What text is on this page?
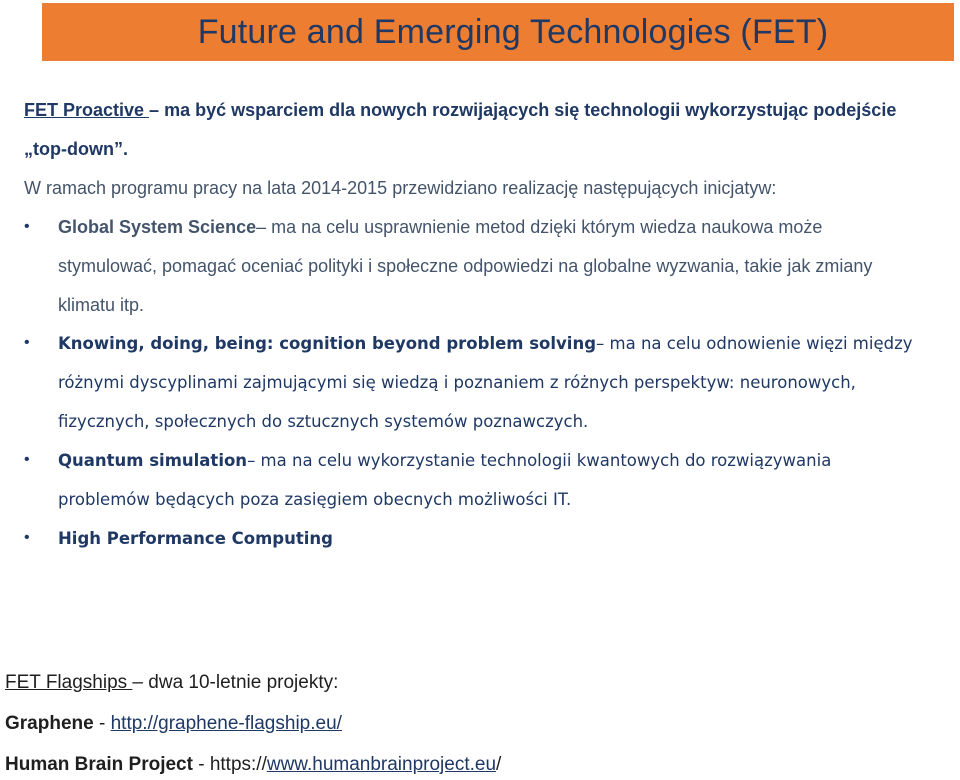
Future and Emerging Technologies (FET)
FET Proactive – ma być wsparciem dla nowych rozwijających się technologii wykorzystując podejście
„top-down”.
W ramach programu pracy na lata 2014-2015 przewidziano realizację następujących inicjatyw:
• Global System Science– ma na celu usprawnienie metod dzięki którym wiedza naukowa może
stymulować, pomagać oceniać polityki i społeczne odpowiedzi na globalne wyzwania, takie jak zmiany
klimatu itp.
• Knowing, doing, being: cognition beyond problem solving– ma na celu odnowienie więzi między
różnymi dyscyplinami zajmującymi się wiedzą i poznaniem z różnych perspektyw: neuronowych,
fizycznych, społecznych do sztucznych systemów poznawczych.
• Quantum simulation– ma na celu wykorzystanie technologii kwantowych do rozwiązywania
problemów będących poza zasięgiem obecnych możliwości IT.
• High Performance Computing
FET Flagships – dwa 10-letnie projekty:
Graphene - http://graphene-flagship.eu/
Human Brain Project - https://www.humanbrainproject.eu/
